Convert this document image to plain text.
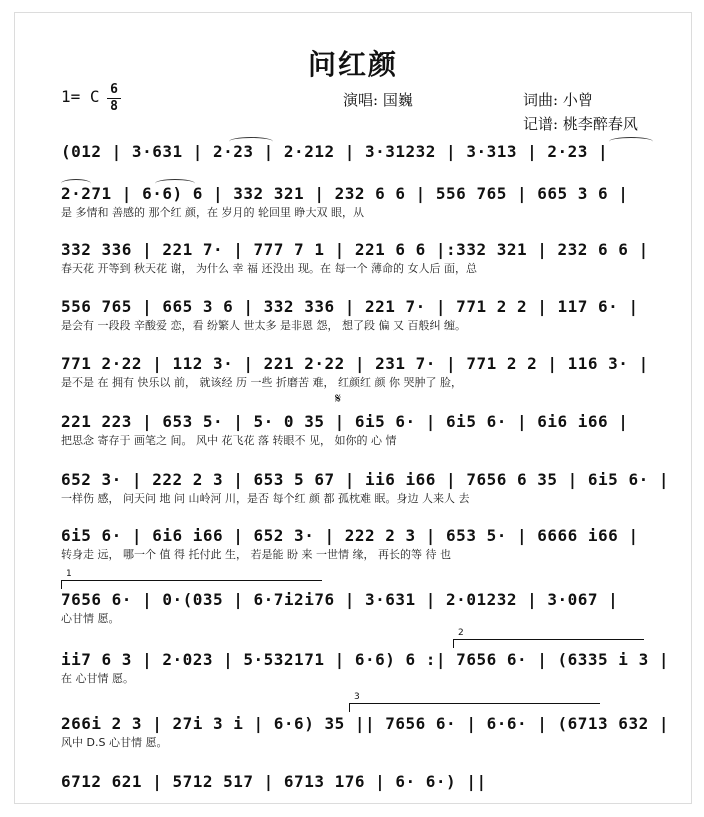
问红颜
1= C 6
8	演唱: 国巍	词曲: 小曾
记谱: 桃李醉春风
(012 | 3·631 | 2·23 | 2·212 | 3·31232 | 3·313 | 2·23 |
2·271 | 6·6) 6 | 332 321 | 232 6 6 | 556 765 | 665 3 6 |
是 多情和 善感的 那个红 颜，在 岁月的 轮回里 睁大双 眼，从
332 336 | 221 7· | 777 7 1 | 221 6 6 |:332 321 | 232 6 6 |
春天花 开等到 秋天花 谢， 为什么 幸 福 还没出 现。在 每一个 薄命的 女人后 面，总
556 765 | 665 3 6 | 332 336 | 221 7· | 771 2 2 | 117 6· |
是会有 一段段 辛酸爱 恋，看 纷繁人 世太多 是非恩 怨， 想了段 偏 又 百般纠 缠。
771 2·22 | 112 3· | 221 2·22 | 231 7· | 771 2 2 | 116 3· |
是不是 在 拥有 快乐以 前， 就该经 历 一些 折磨苦 难， 红颜红 颜 你 哭肿了 脸，
221 223 | 653 5· | 5· 0 35 | 6i5 6· | 6i5 6· | 6i6 i66 |
把思念 寄存于 画笔之 间。 风中 花飞花 落 转眼不 见， 如你的 心 情
652 3· | 222 2 3 | 653 5 67 | ii6 i66 | 7656 6 35 | 6i5 6· |
一样伤 感， 问天问 地 问 山岭河 川，是否 每个红 颜 都 孤枕难 眠。身边 人来人 去
6i5 6· | 6i6 i66 | 652 3· | 222 2 3 | 653 5· | 6666 i66 |
转身走 远， 哪一个 值 得 托付此 生， 若是能 盼 来 一世情 缘， 再长的等 待 也
1
7656 6· | 0·(035 | 6·7i2i76 | 3·631 | 2·01232 | 3·067 |
心甘情 愿。
2
ii7 6 3 | 2·023 | 5·532171 | 6·6) 6 :| 7656 6· | (6335 i 3 |
在 心甘情 愿。
3
266i 2 3 | 27i 3 i | 6·6) 35 || 7656 6· | 6·6· | (6713 632 |
风中 D.S 心甘情 愿。
6712 621 | 5712 517 | 6713 176 | 6· 6·) ||
𝄋
